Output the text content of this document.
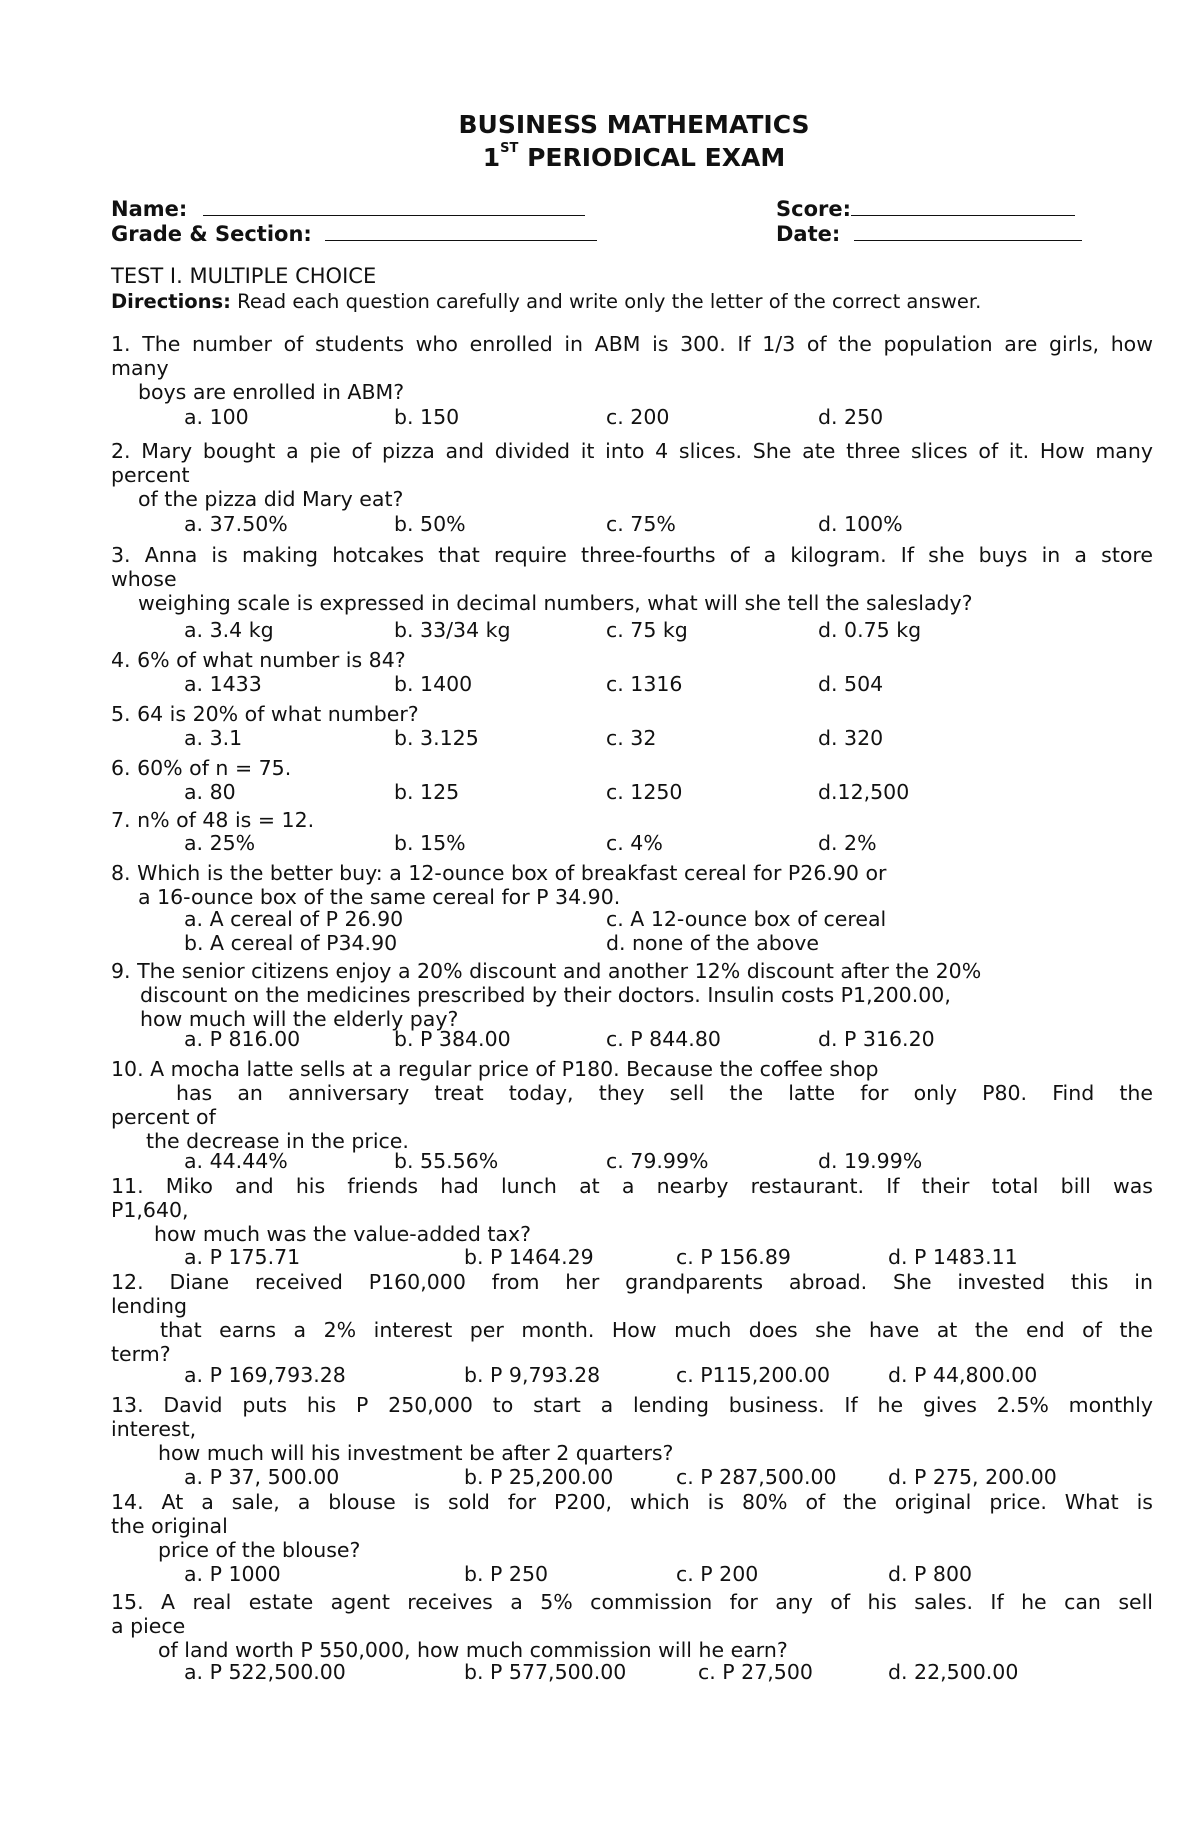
BUSINESS MATHEMATICS
1ST PERIODICAL EXAM
Name:	Score:
Grade & Section:	Date:
TEST I. MULTIPLE CHOICE
Directions: Read each question carefully and write only the letter of the correct answer.
1. The number of students who enrolled in ABM is 300. If 1/3 of the population are girls, how
many
boys are enrolled in ABM?
a. 100	b. 150	c. 200	d. 250
2. Mary bought a pie of pizza and divided it into 4 slices. She ate three slices of it. How many
percent
of the pizza did Mary eat?
a. 37.50%	b. 50%	c. 75%	d. 100%
3. Anna is making hotcakes that require three-fourths of a kilogram. If she buys in a store
whose
weighing scale is expressed in decimal numbers, what will she tell the saleslady?
a. 3.4 kg	b. 33/34 kg	c. 75 kg	d. 0.75 kg
4. 6% of what number is 84?
a. 1433	b. 1400	c. 1316	d. 504
5. 64 is 20% of what number?
a. 3.1	b. 3.125	c. 32	d. 320
6. 60% of n = 75.
a. 80	b. 125	c. 1250	d.12,500
7. n% of 48 is = 12.
a. 25%	b. 15%	c. 4%	d. 2%
8. Which is the better buy: a 12-ounce box of breakfast cereal for P26.90 or
a 16-ounce box of the same cereal for P 34.90.
a. A cereal of P 26.90	c. A 12-ounce box of cereal
b. A cereal of P34.90	d. none of the above
9. The senior citizens enjoy a 20% discount and another 12% discount after the 20%
discount on the medicines prescribed by their doctors. Insulin costs P1,200.00,
how much will the elderly pay?
a. P 816.00	b. P 384.00	c. P 844.80	d. P 316.20
10. A mocha latte sells at a regular price of P180. Because the coffee shop
has an anniversary treat today, they sell the latte for only P80. Find the
percent of
the decrease in the price.
a. 44.44%	b. 55.56%	c. 79.99%	d. 19.99%
11. Miko and his friends had lunch at a nearby restaurant. If their total bill was
P1,640,
how much was the value-added tax?
a. P 175.71	b. P 1464.29	c. P 156.89	d. P 1483.11
12. Diane received P160,000 from her grandparents abroad. She invested this in
lending
that earns a 2% interest per month. How much does she have at the end of the
term?
a. P 169,793.28	b. P 9,793.28	c. P115,200.00	d. P 44,800.00
13. David puts his P 250,000 to start a lending business. If he gives 2.5% monthly
interest,
how much will his investment be after 2 quarters?
a. P 37, 500.00	b. P 25,200.00	c. P 287,500.00	d. P 275, 200.00
14. At a sale, a blouse is sold for P200, which is 80% of the original price. What is
the original
price of the blouse?
a. P 1000	b. P 250	c. P 200	d. P 800
15. A real estate agent receives a 5% commission for any of his sales. If he can sell
a piece
of land worth P 550,000, how much commission will he earn?
a. P 522,500.00	b. P 577,500.00	c. P 27,500	d. 22,500.00
